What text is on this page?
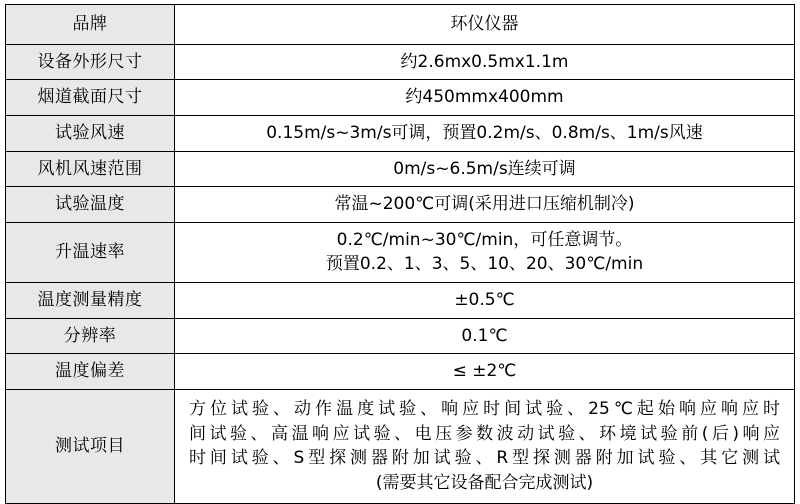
品牌	环仪仪器
设备外形尺寸	约2.6mx0.5mx1.1m
烟道截面尺寸	约450mmx400mm
试验风速	0.15m/s~3m/s可调，预置0.2m/s、0.8m/s、1m/s风速
风机风速范围	0m/s~6.5m/s连续可调
试验温度	常温~200℃可调(采用进口压缩机制冷)
升温速率	0.2℃/min~30℃/min，可任意调节。
预置0.2、1、3、5、10、20、30℃/min

温度测量精度	±0.5℃
分辨率	0.1℃
温度偏差	≤ ±2℃
测试项目	方位试验、动作温度试验、响应时间试验、25℃起始响应响应时
间试验、高温响应试验、电压参数波动试验、环境试验前(后)响应
时间试验、S型探测器附加试验、R型探测器附加试验、其它测试
(需要其它设备配合完成测试)
